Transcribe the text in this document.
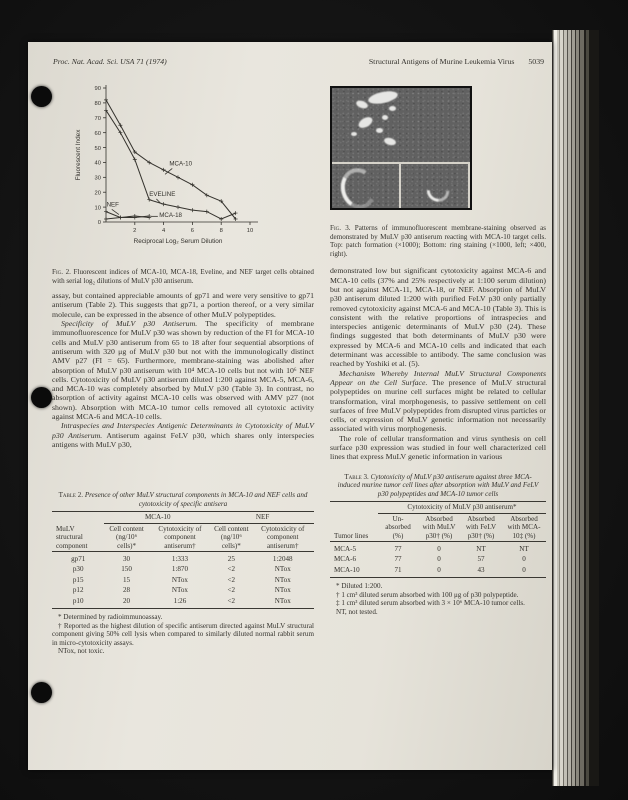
Proc. Nat. Acad. Sci. USA 71 (1974)	Structural Antigens of Murine Leukemia Virus 5039
0
10
20
30
40
50
60
70
80
90
2	4	6	8	10
Fluorescent Index
Reciprocal Log₂ Serum Dilution
MCA-10
EVELINE
NEF
MCA-18
Fig. 2. Fluorescent indices of MCA-10, MCA-18, Eveline, and NEF target cells obtained with serial log₂ dilutions of MuLV p30 antiserum.
assay, but contained appreciable amounts of gp71 and were very sensitive to gp71 antiserum (Table 2). This suggests that gp71, a portion thereof, or a very similar molecule, can be expressed in the absence of other MuLV polypeptides.
Specificity of MuLV p30 Antiserum. The specificity of membrane immunofluorescence for MuLV p30 was shown by reduction of the FI for MCA-10 cells and MuLV p30 antiserum from 65 to 18 after four sequential absorptions of antiserum with 320 μg of MuLV p30 but not with the immunologically distinct AMV p27 (FI = 65). Furthermore, membrane-staining was abolished after absorption of MuLV p30 antiserum with 10⁴ MCA-10 cells but not with 10⁶ NEF cells. Cytotoxicity of MuLV p30 antiserum diluted 1:200 against MCA-5, MCA-6, and MCA-10 was completely absorbed by MuLV p30 (Table 3). In contrast, no absorption of activity against MCA-10 cells was observed with AMV p27 (not shown). Absorption with MCA-10 tumor cells removed all cytotoxic activity against MCA-6 and MCA-10 cells.
Intraspecies and Interspecies Antigenic Determinants in Cytotoxicity of MuLV p30 Antiserum. Antiserum against FeLV p30, which shares only interspecies antigens with MuLV p30,
Table 2. Presence of other MuLV structural components in MCA-10 and NEF cells and cytotoxicity of specific antisera
	MCA-10		NEF	
MuLV structural component	Cell content (ng/10⁶ cells)*	Cytotoxicity of component antiserum†	Cell content (ng/10⁶ cells)*	Cytotoxicity of component antiserum†
gp71	30	1:333	25	1:2048
p30	150	1:870	<2	NTox
p15	15	NTox	<2	NTox
p12	28	NTox	<2	NTox
p10	20	1:26	<2	NTox
* Determined by radioimmunoassay.
† Reported as the highest dilution of specific antiserum directed against MuLV structural component giving 50% cell lysis when compared to similarly diluted normal rabbit serum in micro-cytotoxicity assays.
NTox, not toxic.
Fig. 3. Patterns of immunofluorescent membrane-staining observed as demonstrated by MuLV p30 antiserum reacting with MCA-10 target cells. Top: patch formation (×1000); Bottom: ring staining (×1000, left; ×400, right).
demonstrated low but significant cytotoxicity against MCA-6 and MCA-10 cells (37% and 25% respectively at 1:100 serum dilution) but not against MCA-11, MCA-18, or NEF. Absorption of MuLV p30 antiserum diluted 1:200 with purified FeLV p30 only partially removed cytotoxicity against MCA-6 and MCA-10 (Table 3). This is consistent with the relative proportions of intraspecies and interspecies antigenic determinants of MuLV p30 (24). These findings suggested that both determinants of MuLV p30 were expressed by MCA-6 and MCA-10 cells and indicated that each determinant was accessible to antibody. The same conclusion was reached by Yoshiki et al. (5).
Mechanism Whereby Internal MuLV Structural Components Appear on the Cell Surface. The presence of MuLV structural polypeptides on murine cell surfaces might be related to cellular transformation, viral morphogenesis, to passive settlement on cell surfaces of free MuLV polypeptides from disrupted virus particles or cells, or expression of MuLV genetic information not necessarily associated with virus morphogenesis.
The role of cellular transformation and virus synthesis on cell surface p30 expression was studied in four well characterized cell lines that express MuLV genetic information in various
Table 3. Cytotoxicity of MuLV p30 antiserum against three MCA-induced murine tumor cell lines after absorption with MuLV and FeLV p30 polypeptides and MCA-10 tumor cells
	Cytotoxicity of MuLV p30 antiserum*			
Tumor lines	Un- absorbed (%)	Absorbed with MuLV p30† (%)	Absorbed with FeLV p30† (%)	Absorbed with MCA-10‡ (%)
MCA-5	77	0	NT	NT
MCA-6	77	0	57	0
MCA-10	71	0	43	0
* Diluted 1:200.
† 1 cm³ diluted serum absorbed with 100 μg of p30 polypeptide.
‡ 1 cm³ diluted serum absorbed with 3 × 10⁶ MCA-10 tumor cells.
NT, not tested.
